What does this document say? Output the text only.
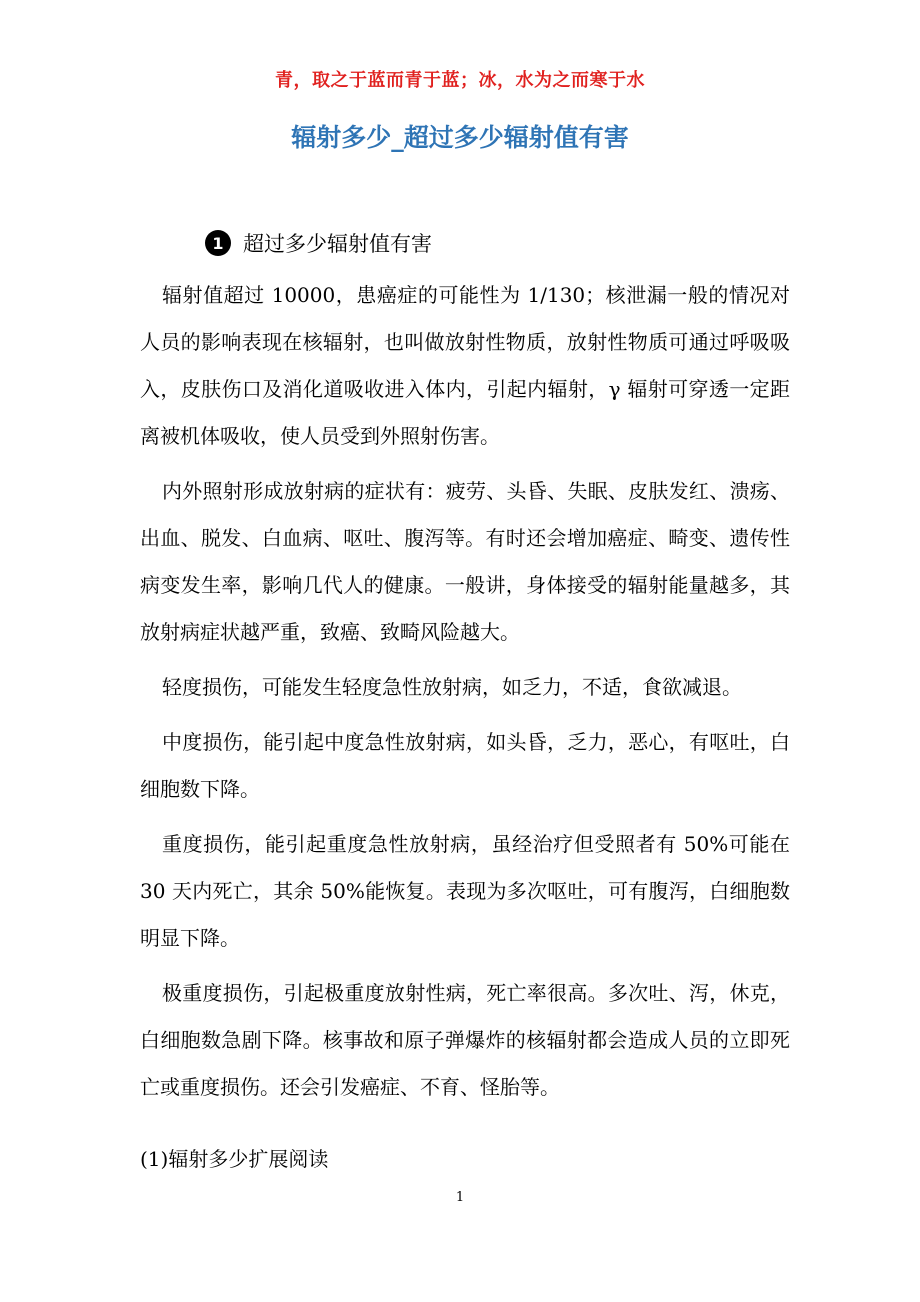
青，取之于蓝而青于蓝；冰，水为之而寒于水
辐射多少_超过多少辐射值有害
1 超过多少辐射值有害

辐射值超过 10000，患癌症的可能性为 1/130；核泄漏一般的情况对人员的影响表现在核辐射，也叫做放射性物质，放射性物质可通过呼吸吸入，皮肤伤口及消化道吸收进入体内，引起内辐射，γ 辐射可穿透一定距离被机体吸收，使人员受到外照射伤害。

内外照射形成放射病的症状有：疲劳、头昏、失眠、皮肤发红、溃疡、出血、脱发、白血病、呕吐、腹泻等。有时还会增加癌症、畸变、遗传性病变发生率，影响几代人的健康。一般讲，身体接受的辐射能量越多，其放射病症状越严重，致癌、致畸风险越大。

轻度损伤，可能发生轻度急性放射病，如乏力，不适，食欲减退。

中度损伤，能引起中度急性放射病，如头昏，乏力，恶心，有呕吐，白细胞数下降。

重度损伤，能引起重度急性放射病，虽经治疗但受照者有 50%可能在 30 天内死亡，其余 50%能恢复。表现为多次呕吐，可有腹泻，白细胞数明显下降。

极重度损伤，引起极重度放射性病，死亡率很高。多次吐、泻，休克，白细胞数急剧下降。核事故和原子弹爆炸的核辐射都会造成人员的立即死亡或重度损伤。还会引发癌症、不育、怪胎等。

(1)辐射多少扩展阅读
1
